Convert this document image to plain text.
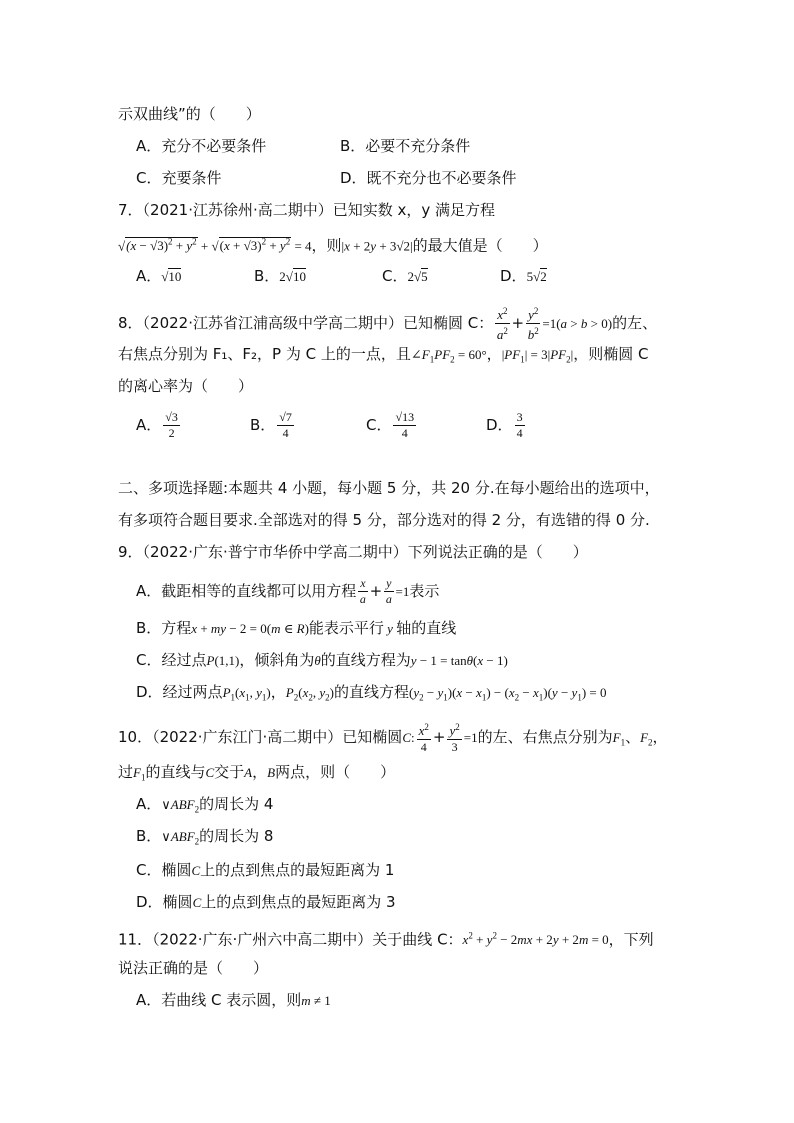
示双曲线”的（　　）
A．充分不必要条件	B．必要不充分条件
C．充要条件	D．既不充分也不必要条件
7．（2021·江苏徐州·高二期中）已知实数 x，y 满足方程
$√(x - √3)^2 + y^2 + √(x + √3)^2 + y^2 = 4$，则|x + 2y + 3√2|的最大值是（　　）
A．√10	B．2√10	C．2√5	D．5√2
8．（2022·江苏省江浦高级中学高二期中）已知椭圆 C： $\frac{x^2}{a^2} + \frac{y^2}{b^2} =1(a > b > 0)$的左、
右焦点分别为 F₁、F₂，P 为 C 上的一点，且$\angle F_1PF_2 = 60^\circ$，$|PF_1| = 3|PF_2|$，则椭圆 C
的离心率为（　　）
A． $\frac{√3}{2}$	B． $\frac{√7}{4}$	C． $\frac{√13}{4}$	D． $\frac{3}{4}$
二、多项选择题:本题共 4 小题，每小题 5 分，共 20 分.在每小题给出的选项中，
有多项符合题目要求.全部选对的得 5 分，部分选对的得 2 分，有选错的得 0 分.
9．（2022·广东·普宁市华侨中学高二期中）下列说法正确的是（　　）
A．截距相等的直线都可以用方程 $\frac{x}{a} + \frac{y}{a} =1$表示
B．方程x + my − 2 = 0(m ∈ R)能表示平行 y 轴的直线
C．经过点P(1,1)，倾斜角为θ的直线方程为y − 1 = tanθ(x − 1)
D．经过两点$P_1(x_1$, $y_1$)，$P_2(x_2$, $y_2$)的直线方程$(y_2 - y_1)(x - x_1) - (x_2 - x_1)(y - y_1) = 0$
10．（2022·广东江门·高二期中）已知椭圆C: $\frac{x^2}{4} + \frac{y^2}{3} =1$的左、右焦点分别为$F_1$、$F_2$，
过$F_1$的直线与C交于A，B两点，则（　　）
A．$\vee ABF_2$的周长为 4
B．$\vee ABF_2$的周长为 8
C．椭圆C上的点到焦点的最短距离为 1
D．椭圆C上的点到焦点的最短距离为 3
11．（2022·广东·广州六中高二期中）关于曲线 C：$x^2 + y^2 - 2mx + 2y + 2m = 0$，下列
说法正确的是（　　）
A．若曲线 C 表示圆，则m ≠ 1
